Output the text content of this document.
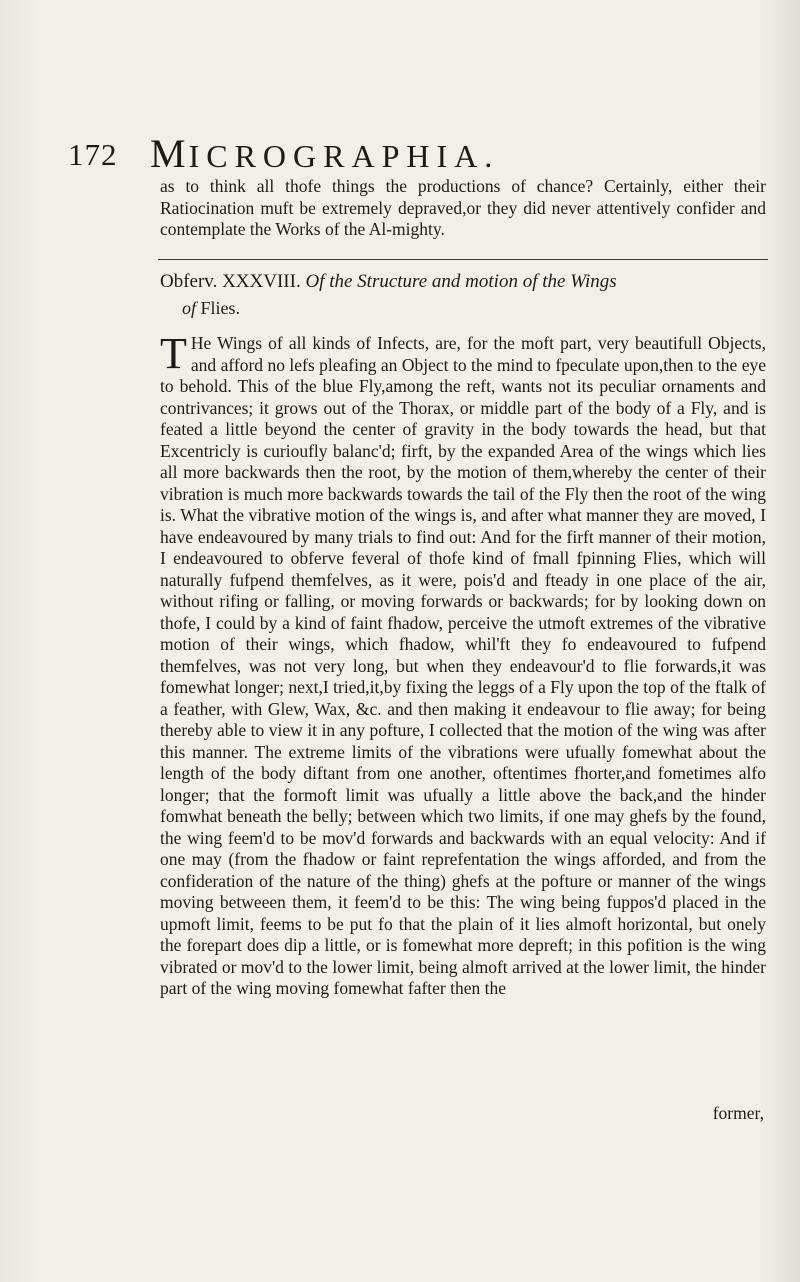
172 MICROGRAPHIA.

as to think all thofe things the productions of chance? Certainly, either their Ratiocination muft be extremely depraved,or they did never attentively confider and contemplate the Works of the Al-mighty.

Obferv. XXXVIII. Of the Structure and motion of the Wings
of Flies.

T He Wings of all kinds of Infects, are, for the moft part, very beautifull Objects, and afford no lefs pleafing an Object to the mind to fpeculate upon,then to the eye to behold. This of the blue Fly,among the reft, wants not its peculiar ornaments and contrivances; it grows out of the Thorax, or middle part of the body of a Fly, and is feated a little beyond the center of gravity in the body towards the head, but that Excentricly is curioufly balanc'd; firft, by the expanded Area of the wings which lies all more backwards then the root, by the motion of them,whereby the center of their vibration is much more backwards towards the tail of the Fly then the root of the wing is. What the vibrative motion of the wings is, and after what manner they are moved, I have endeavoured by many trials to find out: And for the firft manner of their motion, I endeavoured to obferve feveral of thofe kind of fmall fpinning Flies, which will naturally fufpend themfelves, as it were, pois'd and fteady in one place of the air, without rifing or falling, or moving forwards or backwards; for by looking down on thofe, I could by a kind of faint fhadow, perceive the utmoft extremes of the vibrative motion of their wings, which fhadow, whil'ft they fo endeavoured to fufpend themfelves, was not very long, but when they endeavour'd to flie forwards,it was fomewhat longer; next,I tried,it,by fixing the leggs of a Fly upon the top of the ftalk of a feather, with Glew, Wax, &c. and then making it endeavour to flie away; for being thereby able to view it in any pofture, I collected that the motion of the wing was after this manner. The extreme limits of the vibrations were ufually fomewhat about the length of the body diftant from one another, oftentimes fhorter,and fometimes alfo longer; that the formoft limit was ufually a little above the back,and the hinder fomwhat beneath the belly; between which two limits, if one may ghefs by the found, the wing feem'd to be mov'd forwards and backwards with an equal velocity: And if one may (from the fhadow or faint reprefentation the wings afforded, and from the confideration of the nature of the thing) ghefs at the pofture or manner of the wings moving betweeen them, it feem'd to be this: The wing being fuppos'd placed in the upmoft limit, feems to be put fo that the plain of it lies almoft horizontal, but onely the forepart does dip a little, or is fomewhat more depreft; in this pofition is the wing vibrated or mov'd to the lower limit, being almoft arrived at the lower limit, the hinder part of the wing moving fomewhat fafter then the

former,
